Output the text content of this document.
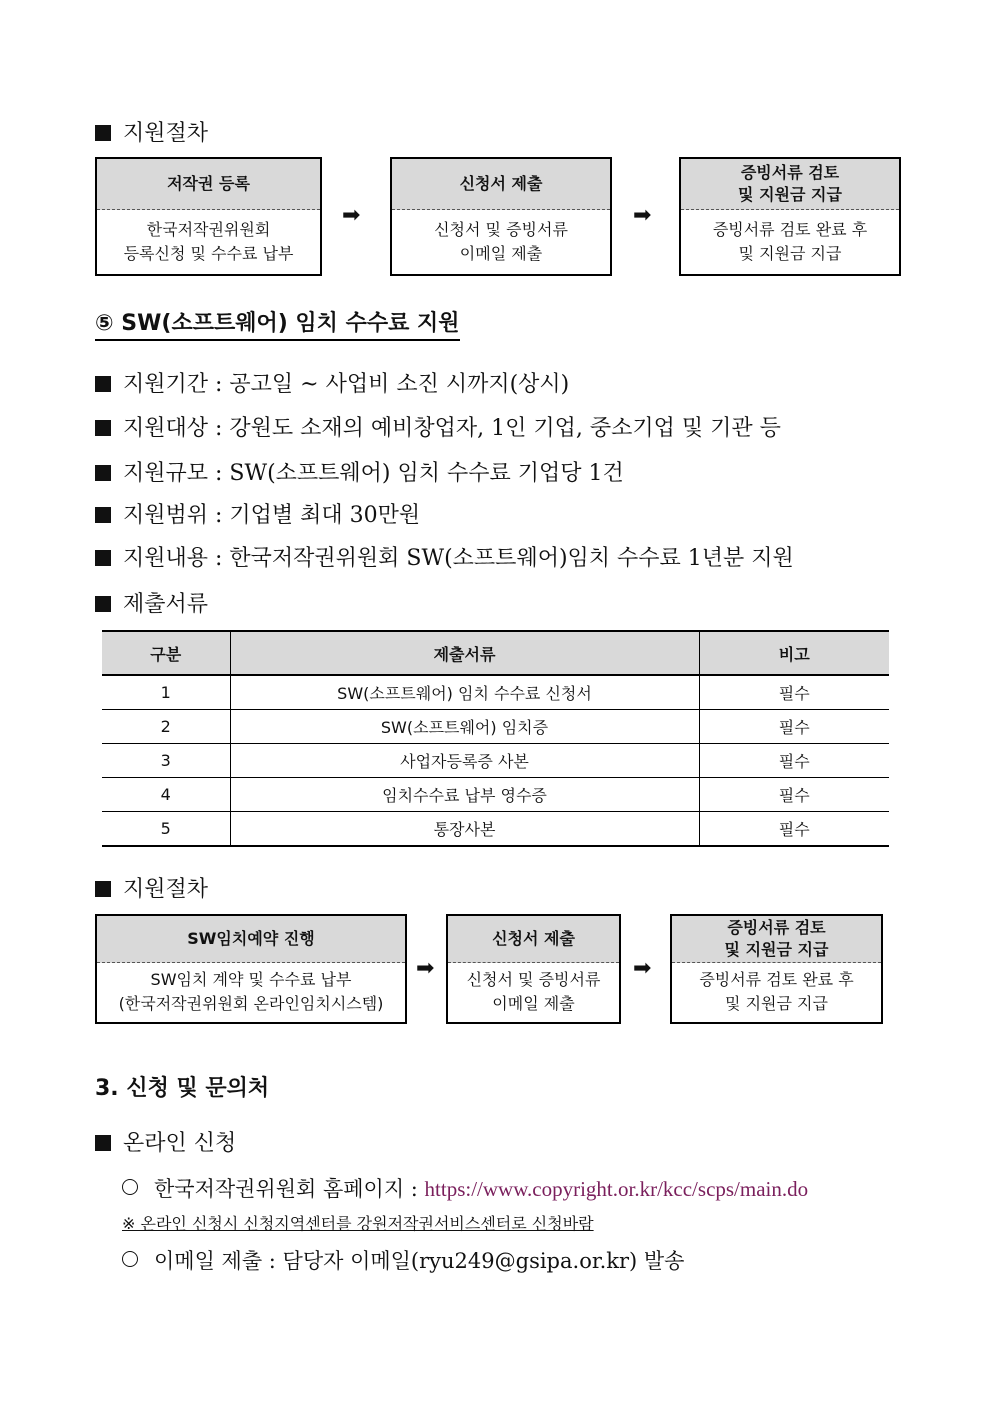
지원절차
저작권 등록
한국저작권위원회
등록신청 및 수수료 납부
➡
신청서 제출
신청서 및 증빙서류
이메일 제출
➡
증빙서류 검토
및 지원금 지급
증빙서류 검토 완료 후
및 지원금 지급
⑤ SW(소프트웨어) 임치 수수료 지원
지원기간 : 공고일 ~ 사업비 소진 시까지(상시)
지원대상 : 강원도 소재의 예비창업자, 1인 기업, 중소기업 및 기관 등
지원규모 : SW(소프트웨어) 임치 수수료 기업당 1건
지원범위 : 기업별 최대 30만원
지원내용 : 한국저작권위원회 SW(소프트웨어)임치 수수료 1년분 지원
제출서류
구분	제출서류	비고
1	SW(소프트웨어) 임치 수수료 신청서	필수
2	SW(소프트웨어) 임치증	필수
3	사업자등록증 사본	필수
4	임치수수료 납부 영수증	필수
5	통장사본	필수
지원절차
SW임치예약 진행
SW임치 계약 및 수수료 납부
(한국저작권위원회 온라인임치시스템)
➡
신청서 제출
신청서 및 증빙서류
이메일 제출
➡
증빙서류 검토
및 지원금 지급
증빙서류 검토 완료 후
및 지원금 지급
3. 신청 및 문의처
온라인 신청
한국저작권위원회 홈페이지 : https://www.copyright.or.kr/kcc/scps/main.do
※ 온라인 신청시 신청지역센터를 강원저작권서비스센터로 신청바람
이메일 제출 : 담당자 이메일(ryu249@gsipa.or.kr) 발송
